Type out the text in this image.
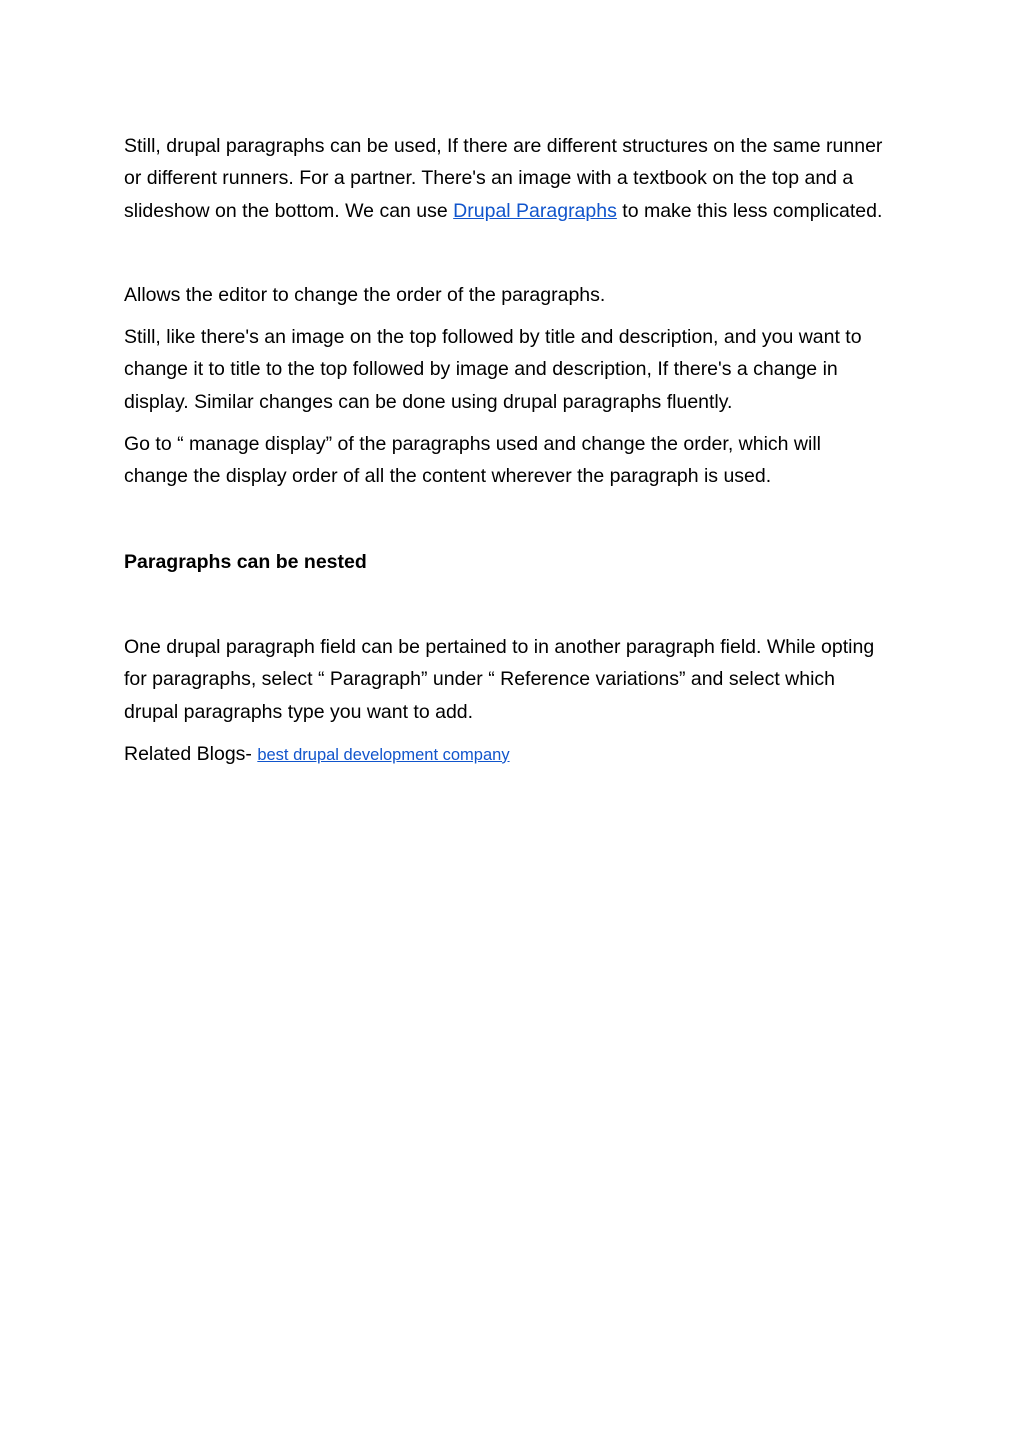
Still, drupal paragraphs can be used, If there are different structures on the same runner
or different runners. For a partner. There's an image with a textbook on the top and a
slideshow on the bottom. We can use Drupal Paragraphs to make this less complicated.

Allows the editor to change the order of the paragraphs.

Still, like there's an image on the top followed by title and description, and you want to
change it to title to the top followed by image and description, If there's a change in
display. Similar changes can be done using drupal paragraphs fluently.

Go to “ manage display” of the paragraphs used and change the order, which will
change the display order of all the content wherever the paragraph is used.

Paragraphs can be nested

One drupal paragraph field can be pertained to in another paragraph field. While opting
for paragraphs, select “ Paragraph” under “ Reference variations” and select which
drupal paragraphs type you want to add.

Related Blogs- best drupal development company
